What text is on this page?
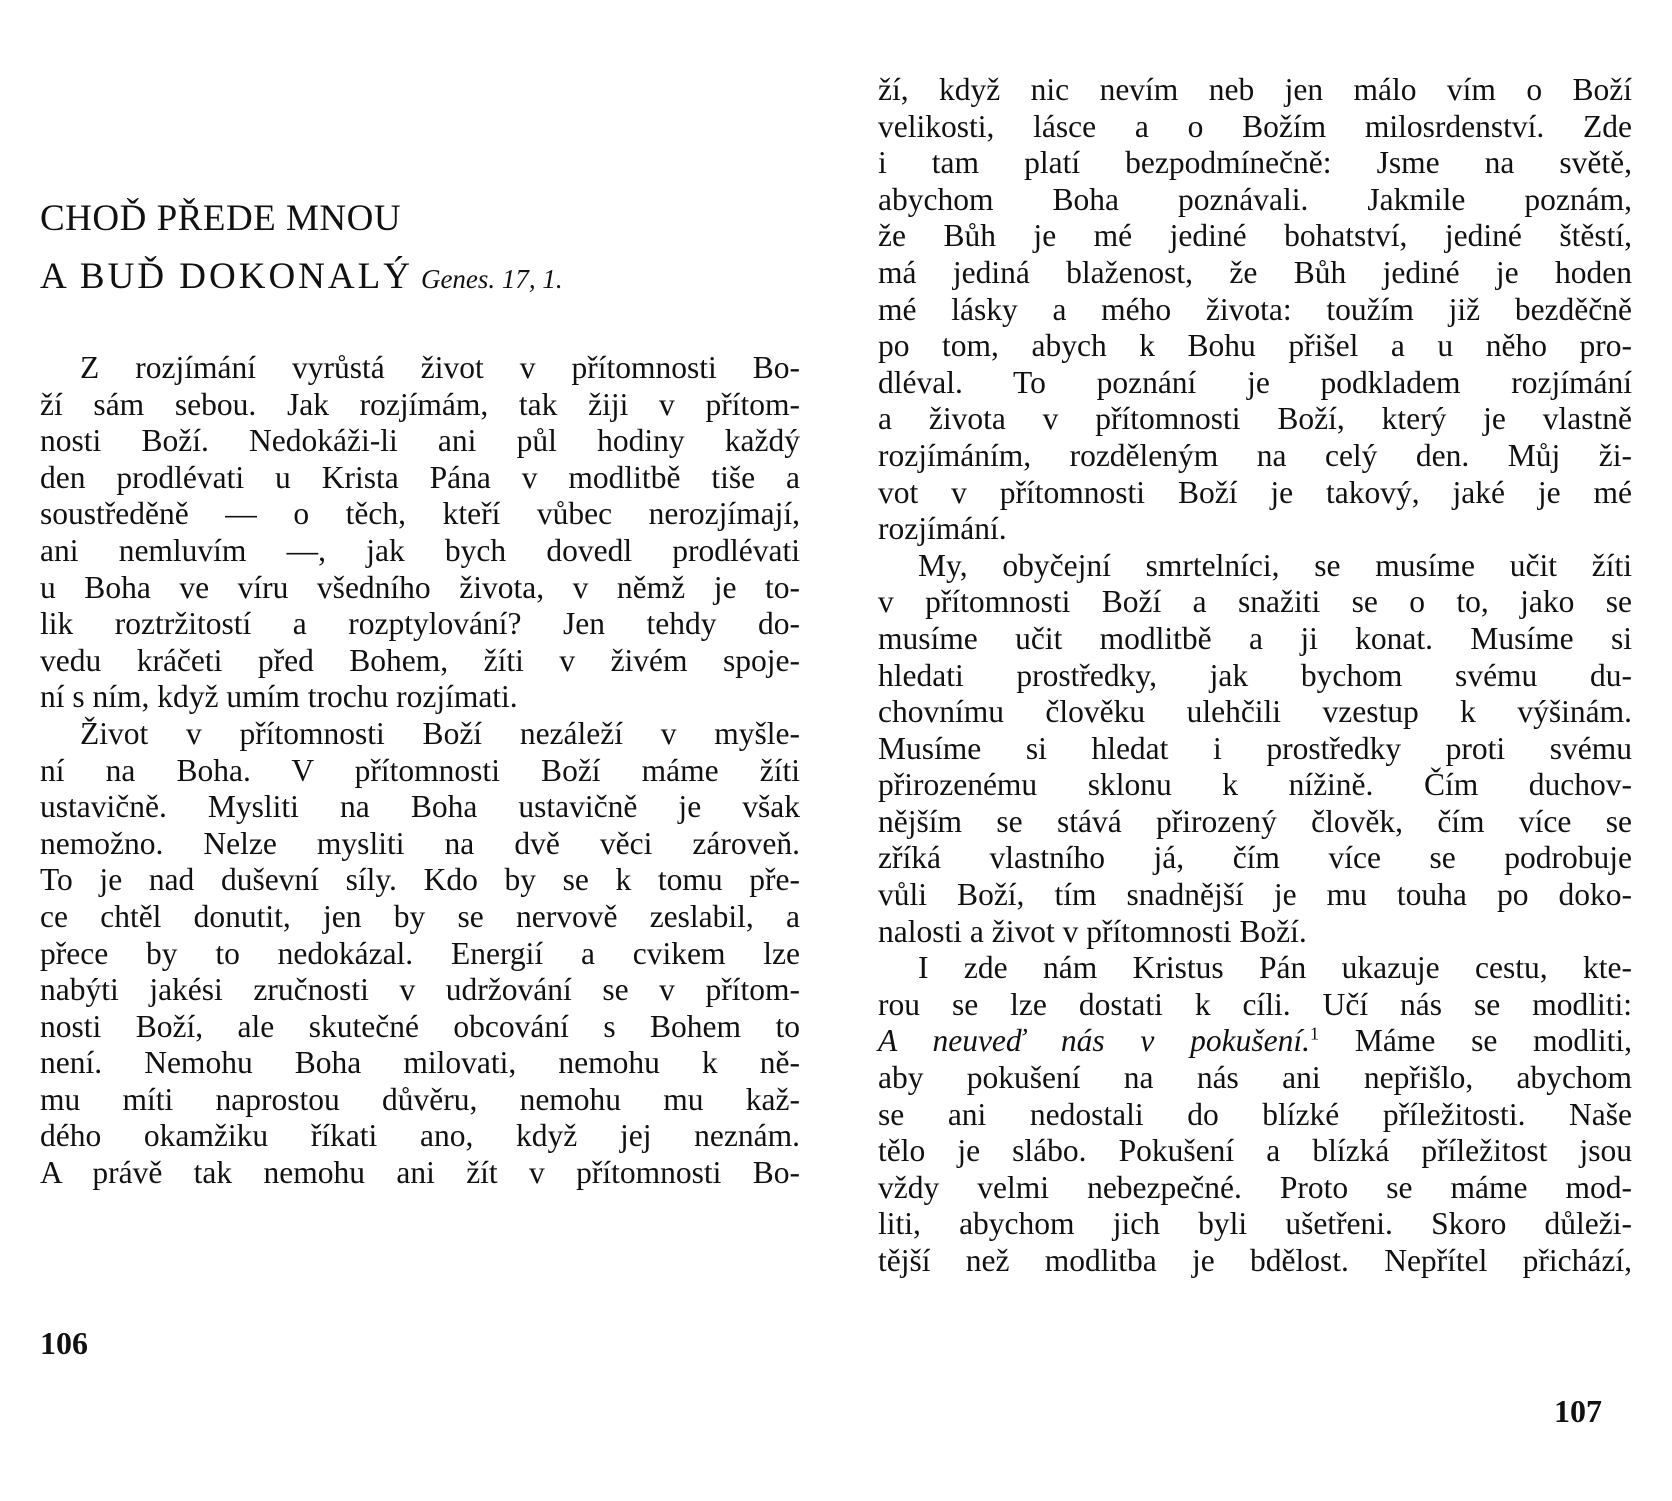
CHOĎ PŘEDE MNOU
A BUĎ DOKONALÝ Genes. 17, 1.
Z rozjímání vyrůstá život v přítomnosti Bo-
ží sám sebou. Jak rozjímám, tak žiji v přítom-
nosti Boží. Nedokáži-li ani půl hodiny každý
den prodlévati u Krista Pána v modlitbě tiše a
soustředěně — o těch, kteří vůbec nerozjímají,
ani nemluvím —, jak bych dovedl prodlévati
u Boha ve víru všedního života, v němž je to-
lik roztržitostí a rozptylování? Jen tehdy do-
vedu kráčeti před Bohem, žíti v živém spoje-
ní s ním, když umím trochu rozjímati.
Život v přítomnosti Boží nezáleží v myšle-
ní na Boha. V přítomnosti Boží máme žíti
ustavičně. Mysliti na Boha ustavičně je však
nemožno. Nelze mysliti na dvě věci zároveň.
To je nad duševní síly. Kdo by se k tomu pře-
ce chtěl donutit, jen by se nervově zeslabil, a
přece by to nedokázal. Energií a cvikem lze
nabýti jakési zručnosti v udržování se v přítom-
nosti Boží, ale skutečné obcování s Bohem to
není. Nemohu Boha milovati, nemohu k ně-
mu míti naprostou důvěru, nemohu mu kaž-
dého okamžiku říkati ano, když jej neznám.
A právě tak nemohu ani žít v přítomnosti Bo-
106
ží, když nic nevím neb jen málo vím o Boží
velikosti, lásce a o Božím milosrdenství. Zde
i tam platí bezpodmínečně: Jsme na světě,
abychom Boha poznávali. Jakmile poznám,
že Bůh je mé jediné bohatství, jediné štěstí,
má jediná blaženost, že Bůh jediné je hoden
mé lásky a mého života: toužím již bezděčně
po tom, abych k Bohu přišel a u něho pro-
dléval. To poznání je podkladem rozjímání
a života v přítomnosti Boží, který je vlastně
rozjímáním, rozděleným na celý den. Můj ži-
vot v přítomnosti Boží je takový, jaké je mé
rozjímání.
My, obyčejní smrtelníci, se musíme učit žíti
v přítomnosti Boží a snažiti se o to, jako se
musíme učit modlitbě a ji konat. Musíme si
hledati prostředky, jak bychom svému du-
chovnímu člověku ulehčili vzestup k výšinám.
Musíme si hledat i prostředky proti svému
přirozenému sklonu k nížině. Čím duchov-
nějším se stává přirozený člověk, čím více se
zříká vlastního já, čím více se podrobuje
vůli Boží, tím snadnější je mu touha po doko-
nalosti a život v přítomnosti Boží.
I zde nám Kristus Pán ukazuje cestu, kte-
rou se lze dostati k cíli. Učí nás se modliti:
A neuveď nás v pokušení.$^1$ Máme se modliti,
aby pokušení na nás ani nepřišlo, abychom
se ani nedostali do blízké příležitosti. Naše
tělo je slábo. Pokušení a blízká příležitost jsou
vždy velmi nebezpečné. Proto se máme mod-
liti, abychom jich byli ušetřeni. Skoro důleži-
tější než modlitba je bdělost. Nepřítel přichází,
107
